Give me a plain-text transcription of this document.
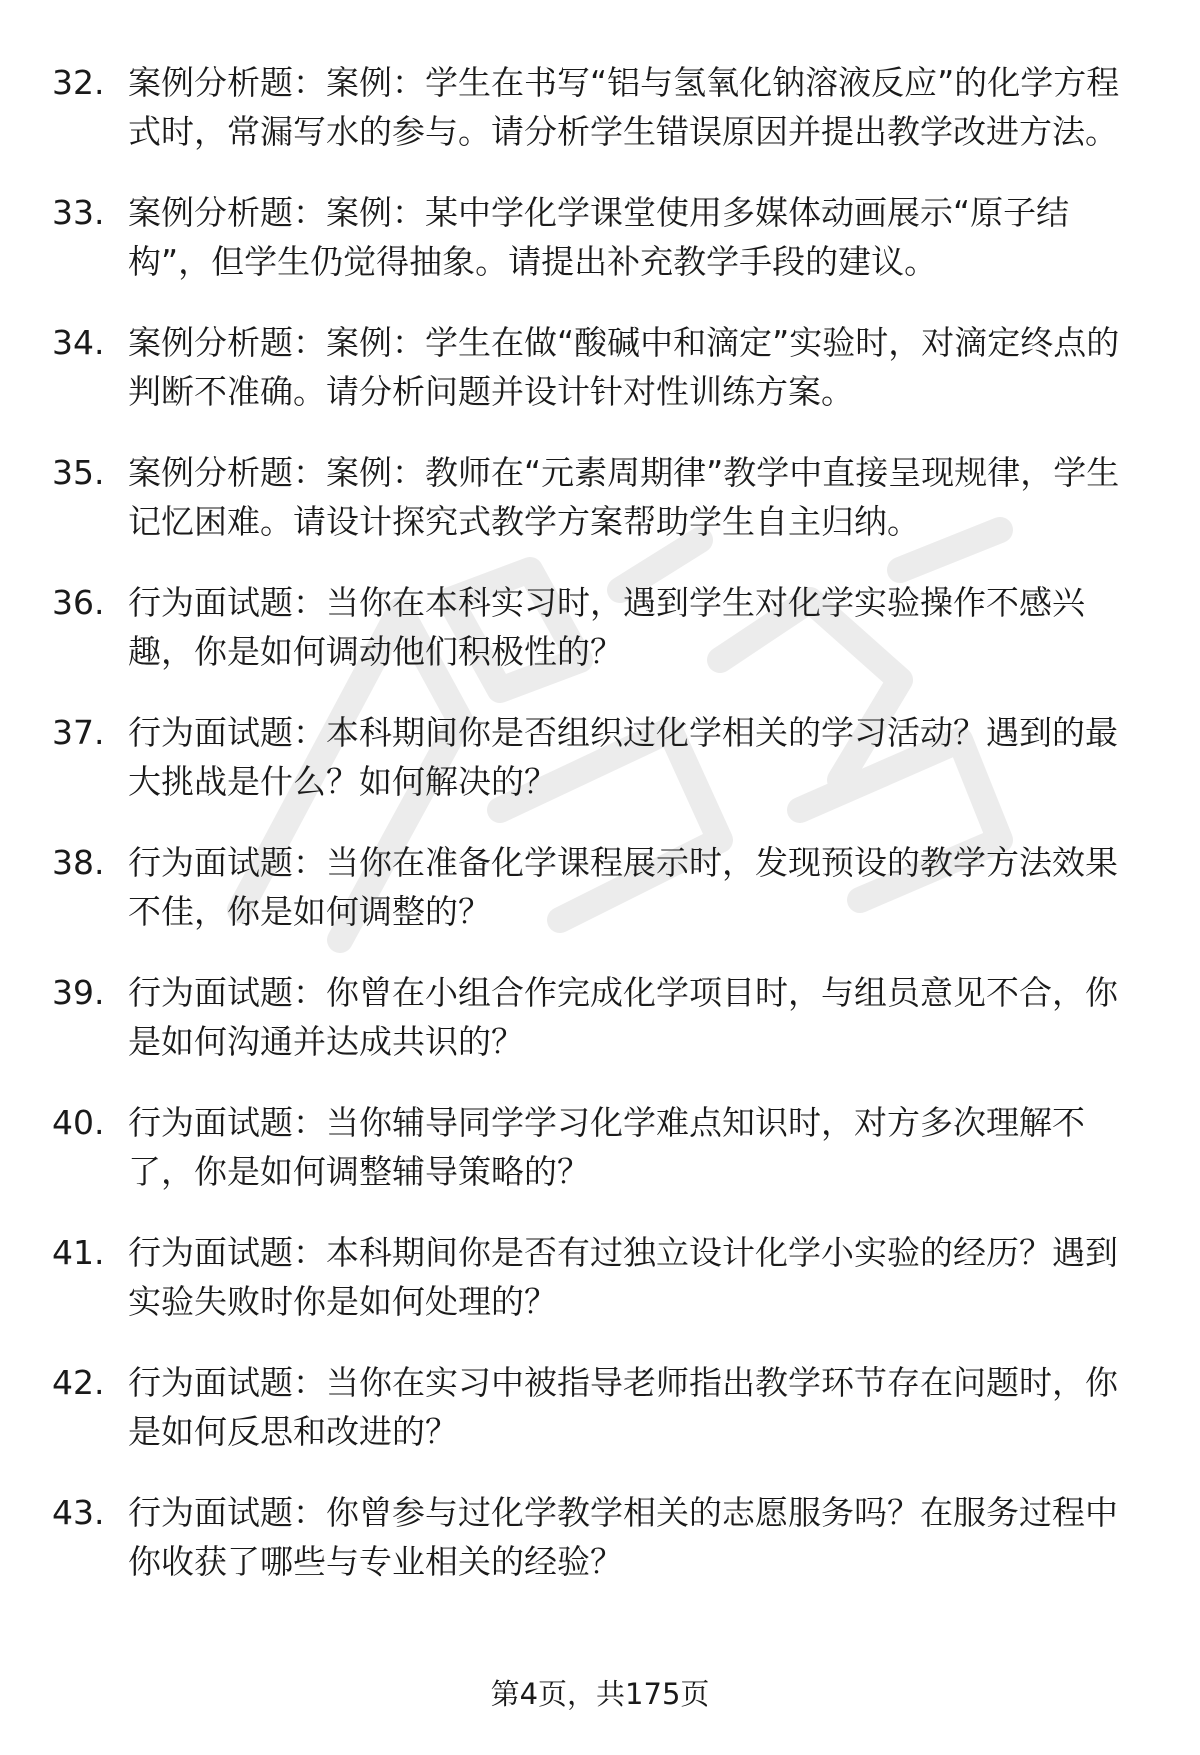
32. 案例分析题：案例：学生在书写“铝与氢氧化钠溶液反应”的化学方程式时，常漏写水的参与。请分析学生错误原因并提出教学改进方法。
33. 案例分析题：案例：某中学化学课堂使用多媒体动画展示“原子结构”，但学生仍觉得抽象。请提出补充教学手段的建议。
34. 案例分析题：案例：学生在做“酸碱中和滴定”实验时，对滴定终点的判断不准确。请分析问题并设计针对性训练方案。
35. 案例分析题：案例：教师在“元素周期律”教学中直接呈现规律，学生记忆困难。请设计探究式教学方案帮助学生自主归纳。
36. 行为面试题：当你在本科实习时，遇到学生对化学实验操作不感兴趣，你是如何调动他们积极性的？
37. 行为面试题：本科期间你是否组织过化学相关的学习活动？遇到的最大挑战是什么？如何解决的？
38. 行为面试题：当你在准备化学课程展示时，发现预设的教学方法效果不佳，你是如何调整的？
39. 行为面试题：你曾在小组合作完成化学项目时，与组员意见不合，你是如何沟通并达成共识的？
40. 行为面试题：当你辅导同学学习化学难点知识时，对方多次理解不了，你是如何调整辅导策略的？
41. 行为面试题：本科期间你是否有过独立设计化学小实验的经历？遇到实验失败时你是如何处理的？
42. 行为面试题：当你在实习中被指导老师指出教学环节存在问题时，你是如何反思和改进的？
43. 行为面试题：你曾参与过化学教学相关的志愿服务吗？在服务过程中你收获了哪些与专业相关的经验？
第4页，共175页
